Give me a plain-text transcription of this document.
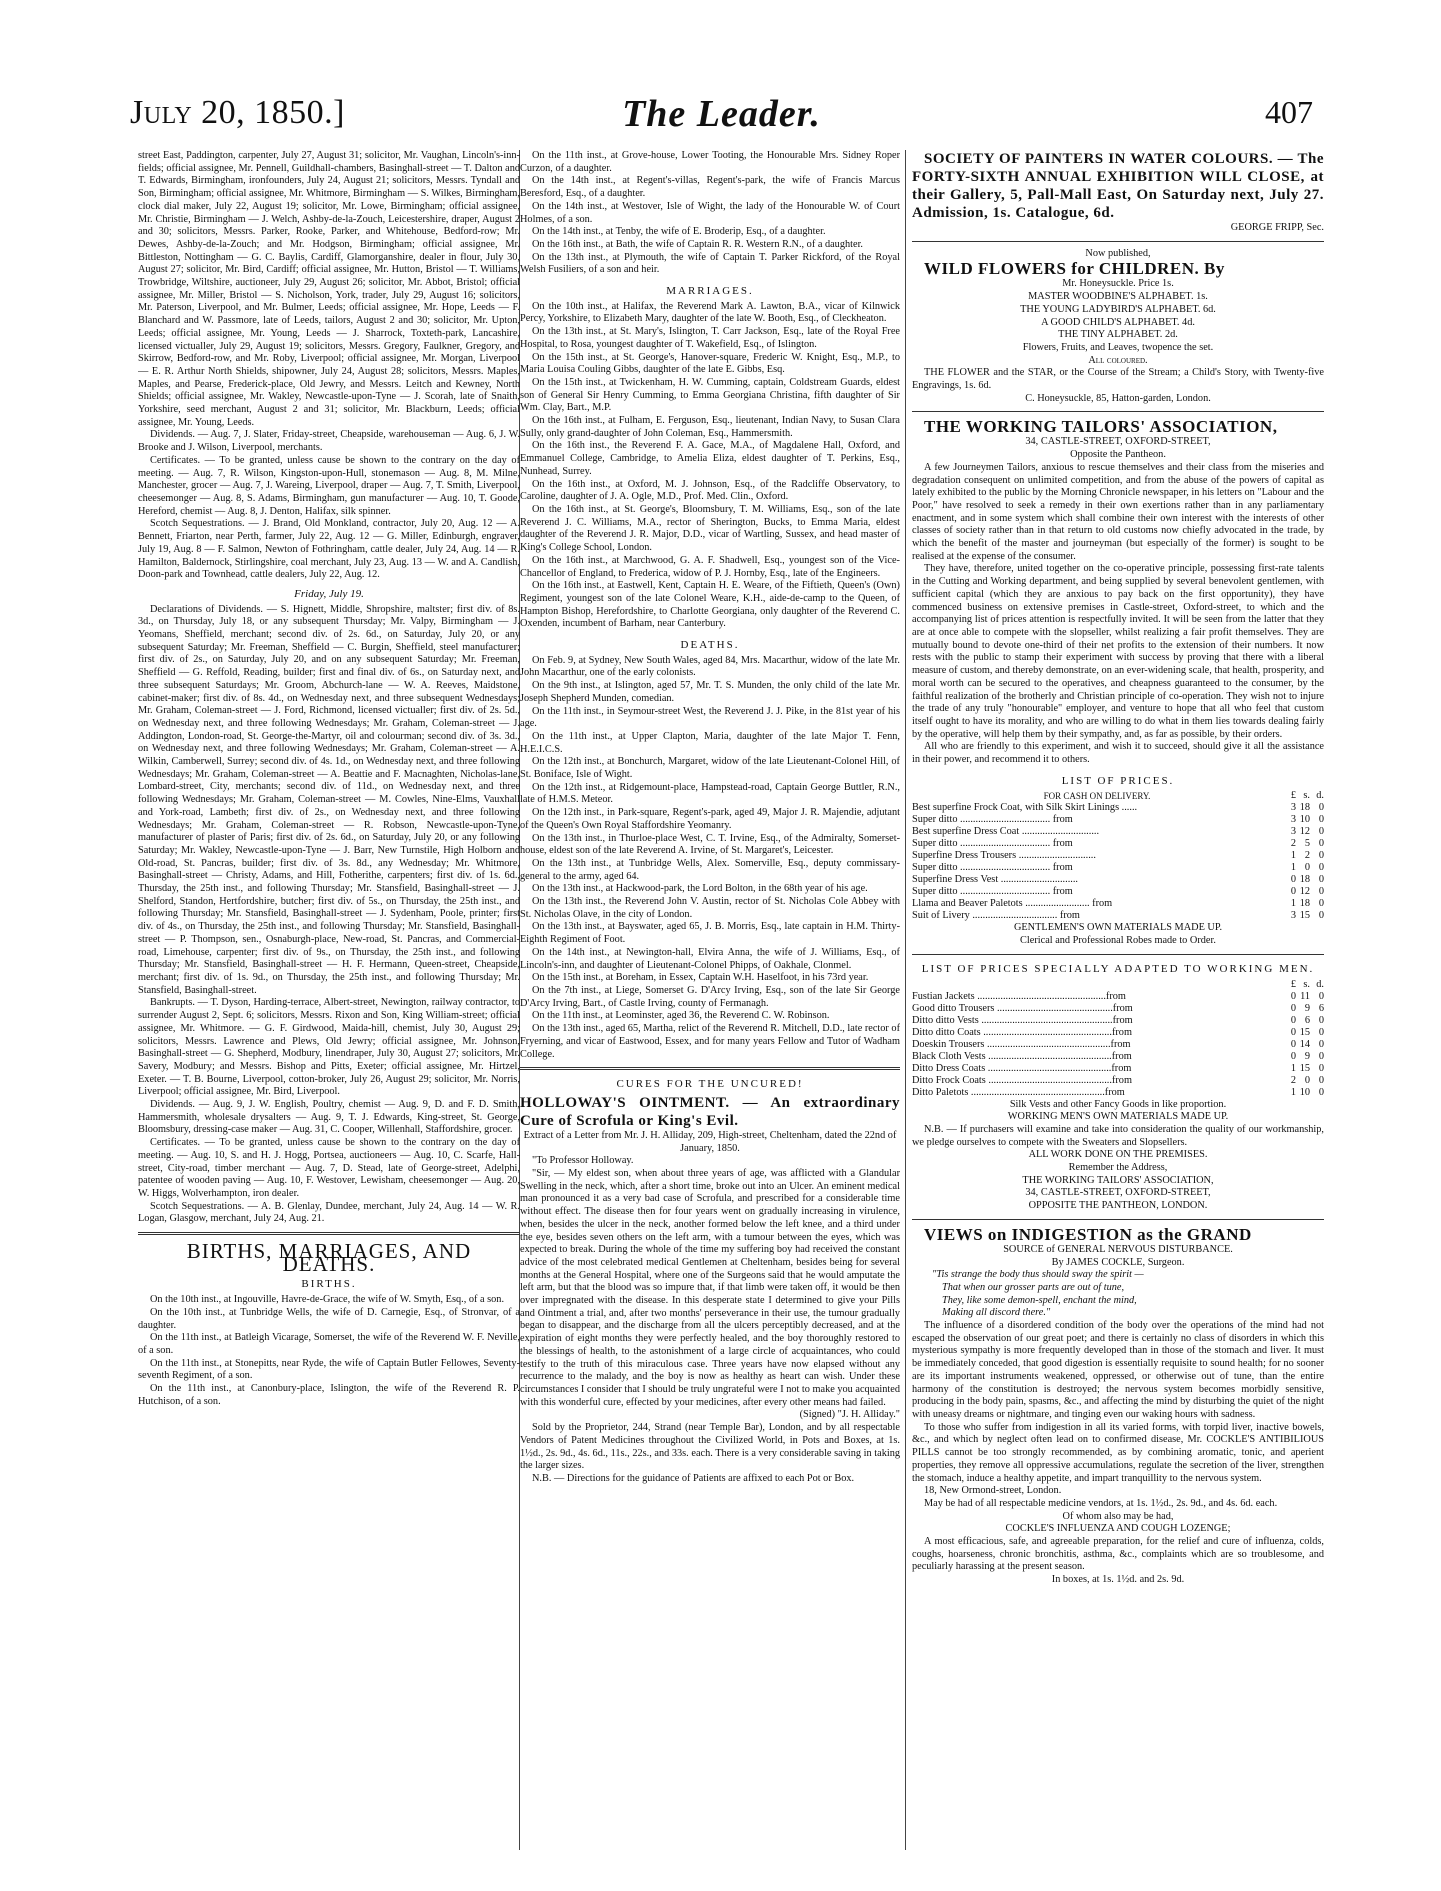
The Leader.
July 20, 1850.]	407

street East, Paddington, carpenter, July 27, August 31; solicitor, Mr. Vaughan, Lincoln's-inn-fields; official assignee, Mr. Pennell, Guildhall-chambers, Basinghall-street — T. Dalton and T. Edwards, Birmingham, ironfounders, July 24, August 21; solicitors, Messrs. Tyndall and Son, Birmingham; official assignee, Mr. Whitmore, Birmingham — S. Wilkes, Birmingham, clock dial maker, July 22, August 19; solicitor, Mr. Lowe, Birmingham; official assignee, Mr. Christie, Birmingham — J. Welch, Ashby-de-la-Zouch, Leicestershire, draper, August 2 and 30; solicitors, Messrs. Parker, Rooke, Parker, and Whitehouse, Bedford-row; Mr. Dewes, Ashby-de-la-Zouch; and Mr. Hodgson, Birmingham; official assignee, Mr. Bittleston, Nottingham — G. C. Baylis, Cardiff, Glamorganshire, dealer in flour, July 30, August 27; solicitor, Mr. Bird, Cardiff; official assignee, Mr. Hutton, Bristol — T. Williams, Trowbridge, Wiltshire, auctioneer, July 29, August 26; solicitor, Mr. Abbot, Bristol; official assignee, Mr. Miller, Bristol — S. Nicholson, York, trader, July 29, August 16; solicitors, Mr. Paterson, Liverpool, and Mr. Bulmer, Leeds; official assignee, Mr. Hope, Leeds — F. Blanchard and W. Passmore, late of Leeds, tailors, August 2 and 30; solicitor, Mr. Upton, Leeds; official assignee, Mr. Young, Leeds — J. Sharrock, Toxteth-park, Lancashire, licensed victualler, July 29, August 19; solicitors, Messrs. Gregory, Faulkner, Gregory, and Skirrow, Bedford-row, and Mr. Roby, Liverpool; official assignee, Mr. Morgan, Liverpool — E. R. Arthur North Shields, shipowner, July 24, August 28; solicitors, Messrs. Maples, Maples, and Pearse, Frederick-place, Old Jewry, and Messrs. Leitch and Kewney, North Shields; official assignee, Mr. Wakley, Newcastle-upon-Tyne — J. Scorah, late of Snaith, Yorkshire, seed merchant, August 2 and 31; solicitor, Mr. Blackburn, Leeds; official assignee, Mr. Young, Leeds.

Dividends. — Aug. 7, J. Slater, Friday-street, Cheapside, warehouseman — Aug. 6, J. W. Brooke and J. Wilson, Liverpool, merchants.

Certificates. — To be granted, unless cause be shown to the contrary on the day of meeting. — Aug. 7, R. Wilson, Kingston-upon-Hull, stonemason — Aug. 8, M. Milne, Manchester, grocer — Aug. 7, J. Wareing, Liverpool, draper — Aug. 7, T. Smith, Liverpool, cheesemonger — Aug. 8, S. Adams, Birmingham, gun manufacturer — Aug. 10, T. Goode, Hereford, chemist — Aug. 8, J. Denton, Halifax, silk spinner.

Scotch Sequestrations. — J. Brand, Old Monkland, contractor, July 20, Aug. 12 — A. Bennett, Friarton, near Perth, farmer, July 22, Aug. 12 — G. Miller, Edinburgh, engraver, July 19, Aug. 8 — F. Salmon, Newton of Fothringham, cattle dealer, July 24, Aug. 14 — R. Hamilton, Baldernock, Stirlingshire, coal merchant, July 23, Aug. 13 — W. and A. Candlish, Doon-park and Townhead, cattle dealers, July 22, Aug. 12.

Friday, July 19.

Declarations of Dividends. — S. Hignett, Middle, Shropshire, maltster; first div. of 8s. 3d., on Thursday, July 18, or any subsequent Thursday; Mr. Valpy, Birmingham — J. Yeomans, Sheffield, merchant; second div. of 2s. 6d., on Saturday, July 20, or any subsequent Saturday; Mr. Freeman, Sheffield — C. Burgin, Sheffield, steel manufacturer; first div. of 2s., on Saturday, July 20, and on any subsequent Saturday; Mr. Freeman, Sheffield — G. Reffold, Reading, builder; first and final div. of 6s., on Saturday next, and three subsequent Saturdays; Mr. Groom, Abchurch-lane — W. A. Reeves, Maidstone, cabinet-maker; first div. of 8s. 4d., on Wednesday next, and three subsequent Wednesdays; Mr. Graham, Coleman-street — J. Ford, Richmond, licensed victualler; first div. of 2s. 5d., on Wednesday next, and three following Wednesdays; Mr. Graham, Coleman-street — J. Addington, London-road, St. George-the-Martyr, oil and colourman; second div. of 3s. 3d., on Wednesday next, and three following Wednesdays; Mr. Graham, Coleman-street — A. Wilkin, Camberwell, Surrey; second div. of 4s. 1d., on Wednesday next, and three following Wednesdays; Mr. Graham, Coleman-street — A. Beattie and F. Macnaghten, Nicholas-lane, Lombard-street, City, merchants; second div. of 11d., on Wednesday next, and three following Wednesdays; Mr. Graham, Coleman-street — M. Cowles, Nine-Elms, Vauxhall and York-road, Lambeth; first div. of 2s., on Wednesday next, and three following Wednesdays; Mr. Graham, Coleman-street — R. Robson, Newcastle-upon-Tyne, manufacturer of plaster of Paris; first div. of 2s. 6d., on Saturday, July 20, or any following Saturday; Mr. Wakley, Newcastle-upon-Tyne — J. Barr, New Turnstile, High Holborn and Old-road, St. Pancras, builder; first div. of 3s. 8d., any Wednesday; Mr. Whitmore, Basinghall-street — Christy, Adams, and Hill, Fotherithe, carpenters; first div. of 1s. 6d., Thursday, the 25th inst., and following Thursday; Mr. Stansfield, Basinghall-street — J. Shelford, Standon, Hertfordshire, butcher; first div. of 5s., on Thursday, the 25th inst., and following Thursday; Mr. Stansfield, Basinghall-street — J. Sydenham, Poole, printer; first div. of 4s., on Thursday, the 25th inst., and following Thursday; Mr. Stansfield, Basinghall-street — P. Thompson, sen., Osnaburgh-place, New-road, St. Pancras, and Commercial-road, Limehouse, carpenter; first div. of 9s., on Thursday, the 25th inst., and following Thursday; Mr. Stansfield, Basinghall-street — H. F. Hermann, Queen-street, Cheapside, merchant; first div. of 1s. 9d., on Thursday, the 25th inst., and following Thursday; Mr. Stansfield, Basinghall-street.

Bankrupts. — T. Dyson, Harding-terrace, Albert-street, Newington, railway contractor, to surrender August 2, Sept. 6; solicitors, Messrs. Rixon and Son, King William-street; official assignee, Mr. Whitmore. — G. F. Girdwood, Maida-hill, chemist, July 30, August 29; solicitors, Messrs. Lawrence and Plews, Old Jewry; official assignee, Mr. Johnson, Basinghall-street — G. Shepherd, Modbury, linendraper, July 30, August 27; solicitors, Mr. Savery, Modbury; and Messrs. Bishop and Pitts, Exeter; official assignee, Mr. Hirtzel, Exeter. — T. B. Bourne, Liverpool, cotton-broker, July 26, August 29; solicitor, Mr. Norris, Liverpool; official assignee, Mr. Bird, Liverpool.

Dividends. — Aug. 9, J. W. English, Poultry, chemist — Aug. 9, D. and F. D. Smith, Hammersmith, wholesale drysalters — Aug. 9, T. J. Edwards, King-street, St. George, Bloomsbury, dressing-case maker — Aug. 31, C. Cooper, Willenhall, Staffordshire, grocer.

Certificates. — To be granted, unless cause be shown to the contrary on the day of meeting. — Aug. 10, S. and H. J. Hogg, Portsea, auctioneers — Aug. 10, C. Scarfe, Hall-street, City-road, timber merchant — Aug. 7, D. Stead, late of George-street, Adelphi, patentee of wooden paving — Aug. 10, F. Westover, Lewisham, cheesemonger — Aug. 20, W. Higgs, Wolverhampton, iron dealer.

Scotch Sequestrations. — A. B. Glenlay, Dundee, merchant, July 24, Aug. 14 — W. R. Logan, Glasgow, merchant, July 24, Aug. 21.

BIRTHS, MARRIAGES, AND DEATHS.
BIRTHS.

On the 10th inst., at Ingouville, Havre-de-Grace, the wife of W. Smyth, Esq., of a son.

On the 10th inst., at Tunbridge Wells, the wife of D. Carnegie, Esq., of Stronvar, of a daughter.

On the 11th inst., at Batleigh Vicarage, Somerset, the wife of the Reverend W. F. Neville, of a son.

On the 11th inst., at Stonepitts, near Ryde, the wife of Captain Butler Fellowes, Seventy-seventh Regiment, of a son.

On the 11th inst., at Canonbury-place, Islington, the wife of the Reverend R. P. Hutchison, of a son.

On the 11th inst., at Grove-house, Lower Tooting, the Honourable Mrs. Sidney Roper Curzon, of a daughter.

On the 14th inst., at Regent's-villas, Regent's-park, the wife of Francis Marcus Beresford, Esq., of a daughter.

On the 14th inst., at Westover, Isle of Wight, the lady of the Honourable W. of Court Holmes, of a son.

On the 14th inst., at Tenby, the wife of E. Broderip, Esq., of a daughter.

On the 16th inst., at Bath, the wife of Captain R. R. Western R.N., of a daughter.

On the 13th inst., at Plymouth, the wife of Captain T. Parker Rickford, of the Royal Welsh Fusiliers, of a son and heir.

MARRIAGES.

On the 10th inst., at Halifax, the Reverend Mark A. Lawton, B.A., vicar of Kilnwick Percy, Yorkshire, to Elizabeth Mary, daughter of the late W. Booth, Esq., of Cleckheaton.

On the 13th inst., at St. Mary's, Islington, T. Carr Jackson, Esq., late of the Royal Free Hospital, to Rosa, youngest daughter of T. Wakefield, Esq., of Islington.

On the 15th inst., at St. George's, Hanover-square, Frederic W. Knight, Esq., M.P., to Maria Louisa Couling Gibbs, daughter of the late E. Gibbs, Esq.

On the 15th inst., at Twickenham, H. W. Cumming, captain, Coldstream Guards, eldest son of General Sir Henry Cumming, to Emma Georgiana Christina, fifth daughter of Sir Wm. Clay, Bart., M.P.

On the 16th inst., at Fulham, E. Ferguson, Esq., lieutenant, Indian Navy, to Susan Clara Sully, only grand-daughter of John Coleman, Esq., Hammersmith.

On the 16th inst., the Reverend F. A. Gace, M.A., of Magdalene Hall, Oxford, and Emmanuel College, Cambridge, to Amelia Eliza, eldest daughter of T. Perkins, Esq., Nunhead, Surrey.

On the 16th inst., at Oxford, M. J. Johnson, Esq., of the Radcliffe Observatory, to Caroline, daughter of J. A. Ogle, M.D., Prof. Med. Clin., Oxford.

On the 16th inst., at St. George's, Bloomsbury, T. M. Williams, Esq., son of the late Reverend J. C. Williams, M.A., rector of Sherington, Bucks, to Emma Maria, eldest daughter of the Reverend J. R. Major, D.D., vicar of Wartling, Sussex, and head master of King's College School, London.

On the 16th inst., at Marchwood, G. A. F. Shadwell, Esq., youngest son of the Vice-Chancellor of England, to Frederica, widow of P. J. Hornby, Esq., late of the Engineers.

On the 16th inst., at Eastwell, Kent, Captain H. E. Weare, of the Fiftieth, Queen's (Own) Regiment, youngest son of the late Colonel Weare, K.H., aide-de-camp to the Queen, of Hampton Bishop, Herefordshire, to Charlotte Georgiana, only daughter of the Reverend C. Oxenden, incumbent of Barham, near Canterbury.

DEATHS.

On Feb. 9, at Sydney, New South Wales, aged 84, Mrs. Macarthur, widow of the late Mr. John Macarthur, one of the early colonists.

On the 9th inst., at Islington, aged 57, Mr. T. S. Munden, the only child of the late Mr. Joseph Shepherd Munden, comedian.

On the 11th inst., in Seymour-street West, the Reverend J. J. Pike, in the 81st year of his age.

On the 11th inst., at Upper Clapton, Maria, daughter of the late Major T. Fenn, H.E.I.C.S.

On the 12th inst., at Bonchurch, Margaret, widow of the late Lieutenant-Colonel Hill, of St. Boniface, Isle of Wight.

On the 12th inst., at Ridgemount-place, Hampstead-road, Captain George Buttler, R.N., late of H.M.S. Meteor.

On the 12th inst., in Park-square, Regent's-park, aged 49, Major J. R. Majendie, adjutant of the Queen's Own Royal Staffordshire Yeomanry.

On the 13th inst., in Thurloe-place West, C. T. Irvine, Esq., of the Admiralty, Somerset-house, eldest son of the late Reverend A. Irvine, of St. Margaret's, Leicester.

On the 13th inst., at Tunbridge Wells, Alex. Somerville, Esq., deputy commissary-general to the army, aged 64.

On the 13th inst., at Hackwood-park, the Lord Bolton, in the 68th year of his age.

On the 13th inst., the Reverend John V. Austin, rector of St. Nicholas Cole Abbey with St. Nicholas Olave, in the city of London.

On the 13th inst., at Bayswater, aged 65, J. B. Morris, Esq., late captain in H.M. Thirty-Eighth Regiment of Foot.

On the 14th inst., at Newington-hall, Elvira Anna, the wife of J. Williams, Esq., of Lincoln's-inn, and daughter of Lieutenant-Colonel Phipps, of Oakhale, Clonmel.

On the 15th inst., at Boreham, in Essex, Captain W.H. Haselfoot, in his 73rd year.

On the 7th inst., at Liege, Somerset G. D'Arcy Irving, Esq., son of the late Sir George D'Arcy Irving, Bart., of Castle Irving, county of Fermanagh.

On the 11th inst., at Leominster, aged 36, the Reverend C. W. Robinson.

On the 13th inst., aged 65, Martha, relict of the Reverend R. Mitchell, D.D., late rector of Fryerning, and vicar of Eastwood, Essex, and for many years Fellow and Tutor of Wadham College.

CURES FOR THE UNCURED!

HOLLOWAY'S OINTMENT. — An extraordinary Cure of Scrofula or King's Evil.

Extract of a Letter from Mr. J. H. Alliday, 209, High-street, Cheltenham, dated the 22nd of January, 1850.

"To Professor Holloway.

"Sir, — My eldest son, when about three years of age, was afflicted with a Glandular Swelling in the neck, which, after a short time, broke out into an Ulcer. An eminent medical man pronounced it as a very bad case of Scrofula, and prescribed for a considerable time without effect. The disease then for four years went on gradually increasing in virulence, when, besides the ulcer in the neck, another formed below the left knee, and a third under the eye, besides seven others on the left arm, with a tumour between the eyes, which was expected to break. During the whole of the time my suffering boy had received the constant advice of the most celebrated medical Gentlemen at Cheltenham, besides being for several months at the General Hospital, where one of the Surgeons said that he would amputate the left arm, but that the blood was so impure that, if that limb were taken off, it would be then over impregnated with the disease. In this desperate state I determined to give your Pills and Ointment a trial, and, after two months' perseverance in their use, the tumour gradually began to disappear, and the discharge from all the ulcers perceptibly decreased, and at the expiration of eight months they were perfectly healed, and the boy thoroughly restored to the blessings of health, to the astonishment of a large circle of acquaintances, who could testify to the truth of this miraculous case. Three years have now elapsed without any recurrence to the malady, and the boy is now as healthy as heart can wish. Under these circumstances I consider that I should be truly ungrateful were I not to make you acquainted with this wonderful cure, effected by your medicines, after every other means had failed.

(Signed) "J. H. Alliday."

Sold by the Proprietor, 244, Strand (near Temple Bar), London, and by all respectable Vendors of Patent Medicines throughout the Civilized World, in Pots and Boxes, at 1s. 1½d., 2s. 9d., 4s. 6d., 11s., 22s., and 33s. each. There is a very considerable saving in taking the larger sizes.

N.B. — Directions for the guidance of Patients are affixed to each Pot or Box.

SOCIETY OF PAINTERS IN WATER COLOURS. — The FORTY-SIXTH ANNUAL EXHIBITION WILL CLOSE, at their Gallery, 5, Pall-Mall East, On Saturday next, July 27. Admission, 1s. Catalogue, 6d.

GEORGE FRIPP, Sec.

Now published,

WILD FLOWERS for CHILDREN. By

Mr. Honeysuckle. Price 1s.

MASTER WOODBINE'S ALPHABET. 1s.

THE YOUNG LADYBIRD'S ALPHABET. 6d.

A GOOD CHILD'S ALPHABET. 4d.

THE TINY ALPHABET. 2d.

Flowers, Fruits, and Leaves, twopence the set.

All coloured.

THE FLOWER and the STAR, or the Course of the Stream; a Child's Story, with Twenty-five Engravings, 1s. 6d.

C. Honeysuckle, 85, Hatton-garden, London.

THE WORKING TAILORS' ASSOCIATION,

34, CASTLE-STREET, OXFORD-STREET,

Opposite the Pantheon.

A few Journeymen Tailors, anxious to rescue themselves and their class from the miseries and degradation consequent on unlimited competition, and from the abuse of the powers of capital as lately exhibited to the public by the Morning Chronicle newspaper, in his letters on "Labour and the Poor," have resolved to seek a remedy in their own exertions rather than in any parliamentary enactment, and in some system which shall combine their own interest with the interests of other classes of society rather than in that return to old customs now chiefly advocated in the trade, by which the benefit of the master and journeyman (but especially of the former) is sought to be realised at the expense of the consumer.

They have, therefore, united together on the co-operative principle, possessing first-rate talents in the Cutting and Working department, and being supplied by several benevolent gentlemen, with sufficient capital (which they are anxious to pay back on the first opportunity), they have commenced business on extensive premises in Castle-street, Oxford-street, to which and the accompanying list of prices attention is respectfully invited. It will be seen from the latter that they are at once able to compete with the slopseller, whilst realizing a fair profit themselves. They are mutually bound to devote one-third of their net profits to the extension of their numbers. It now rests with the public to stamp their experiment with success by proving that there with a liberal measure of custom, and thereby demonstrate, on an ever-widening scale, that health, prosperity, and moral worth can be secured to the operatives, and cheapness guaranteed to the consumer, by the faithful realization of the brotherly and Christian principle of co-operation. They wish not to injure the trade of any truly "honourable" employer, and venture to hope that all who feel that custom itself ought to have its morality, and who are willing to do what in them lies towards dealing fairly by the operative, will help them by their sympathy, and, as far as possible, by their orders.

All who are friendly to this experiment, and wish it to succeed, should give it all the assistance in their power, and recommend it to others.

LIST OF PRICES.
FOR CASH ON DELIVERY.	£	s.	d.
Best superfine Frock Coat, with Silk Skirt Linings ......	3	18	0
Super ditto ................................... from	3	10	0
Best superfine Dress Coat ..............................	3	12	0
Super ditto ................................... from	2	5	0
Superfine Dress Trousers ..............................	1	2	0
Super ditto ................................... from	1	0	0
Superfine Dress Vest ..............................	0	18	0
Super ditto ................................... from	0	12	0
Llama and Beaver Paletots ......................... from	1	18	0
Suit of Livery ................................. from	3	15	0

GENTLEMEN'S OWN MATERIALS MADE UP.

Clerical and Professional Robes made to Order.

LIST OF PRICES SPECIALLY ADAPTED TO WORKING MEN.
	£	s.	d.
Fustian Jackets ..................................................from	0	11	0
Good ditto Trousers .............................................from	0	9	6
Ditto ditto Vests ...................................................from	0	6	0
Ditto ditto Coats ..................................................from	0	15	0
Doeskin Trousers ................................................from	0	14	0
Black Cloth Vests ................................................from	0	9	0
Ditto Dress Coats ................................................from	1	15	0
Ditto Frock Coats ................................................from	2	0	0
Ditto Paletots ....................................................from	1	10	0

Silk Vests and other Fancy Goods in like proportion.

WORKING MEN'S OWN MATERIALS MADE UP.

N.B. — If purchasers will examine and take into consideration the quality of our workmanship, we pledge ourselves to compete with the Sweaters and Slopsellers.

ALL WORK DONE ON THE PREMISES.

Remember the Address,

THE WORKING TAILORS' ASSOCIATION,

34, CASTLE-STREET, OXFORD-STREET,

OPPOSITE THE PANTHEON, LONDON.

VIEWS on INDIGESTION as the GRAND

SOURCE of GENERAL NERVOUS DISTURBANCE.

By JAMES COCKLE, Surgeon.

"Tis strange the body thus should sway the spirit —

That when our grosser parts are out of tune,

They, like some demon-spell, enchant the mind,

Making all discord there."

The influence of a disordered condition of the body over the operations of the mind had not escaped the observation of our great poet; and there is certainly no class of disorders in which this mysterious sympathy is more frequently developed than in those of the stomach and liver. It must be immediately conceded, that good digestion is essentially requisite to sound health; for no sooner are its important instruments weakened, oppressed, or otherwise out of tune, than the entire harmony of the constitution is destroyed; the nervous system becomes morbidly sensitive, producing in the body pain, spasms, &c., and affecting the mind by disturbing the quiet of the night with uneasy dreams or nightmare, and tinging even our waking hours with sadness.

To those who suffer from indigestion in all its varied forms, with torpid liver, inactive bowels, &c., and which by neglect often lead on to confirmed disease, Mr. COCKLE'S ANTIBILIOUS PILLS cannot be too strongly recommended, as by combining aromatic, tonic, and aperient properties, they remove all oppressive accumulations, regulate the secretion of the liver, strengthen the stomach, induce a healthy appetite, and impart tranquillity to the nervous system.

18, New Ormond-street, London.

May be had of all respectable medicine vendors, at 1s. 1½d., 2s. 9d., and 4s. 6d. each.

Of whom also may be had,

COCKLE'S INFLUENZA AND COUGH LOZENGE;

A most efficacious, safe, and agreeable preparation, for the relief and cure of influenza, colds, coughs, hoarseness, chronic bronchitis, asthma, &c., complaints which are so troublesome, and peculiarly harassing at the present season.

In boxes, at 1s. 1½d. and 2s. 9d.
